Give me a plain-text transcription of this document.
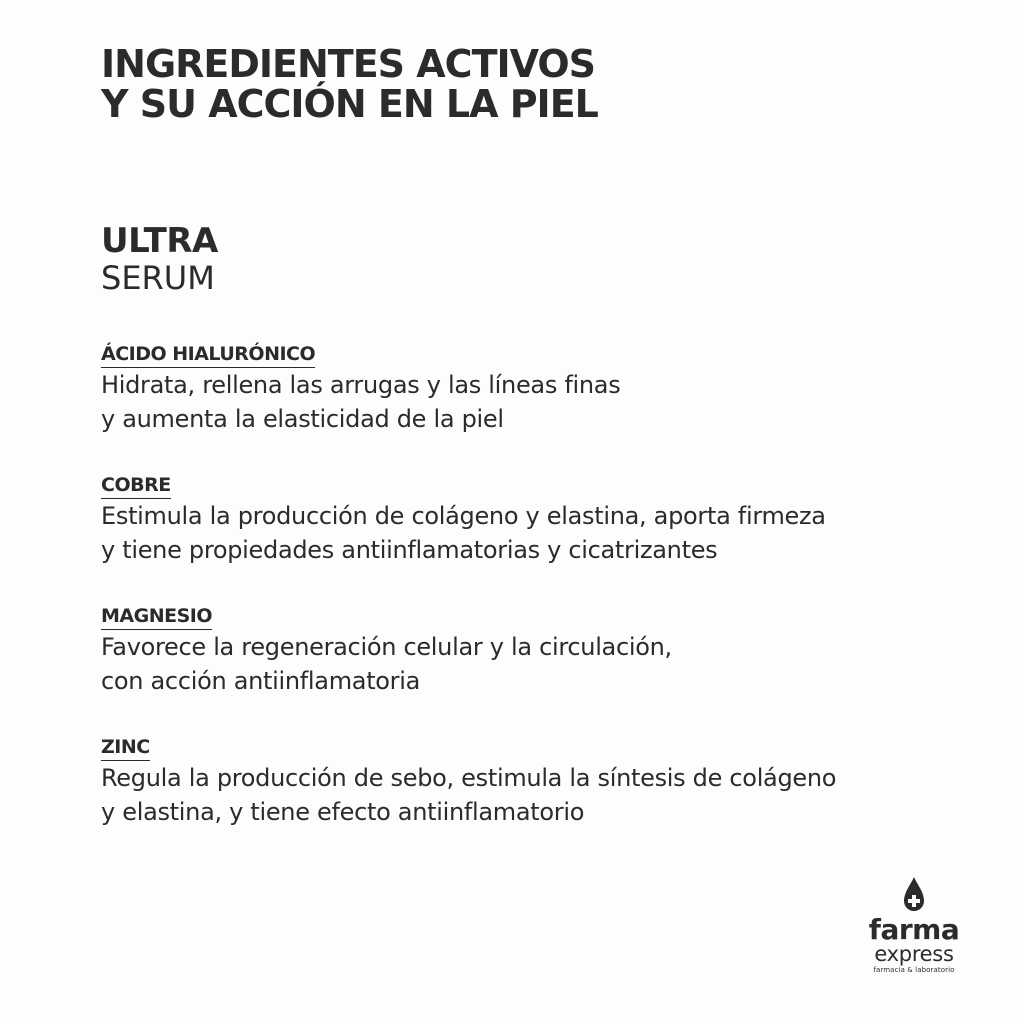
INGREDIENTES ACTIVOS
Y SU ACCIÓN EN LA PIEL
ULTRA
SERUM
ÁCIDO HIALURÓNICO
Hidrata, rellena las arrugas y las líneas finas
y aumenta la elasticidad de la piel
COBRE
Estimula la producción de colágeno y elastina, aporta firmeza
y tiene propiedades antiinflamatorias y cicatrizantes
MAGNESIO
Favorece la regeneración celular y la circulación,
con acción antiinflamatoria
ZINC
Regula la producción de sebo, estimula la síntesis de colágeno
y elastina, y tiene efecto antiinflamatorio
farma
express
farmacia & laboratorio
